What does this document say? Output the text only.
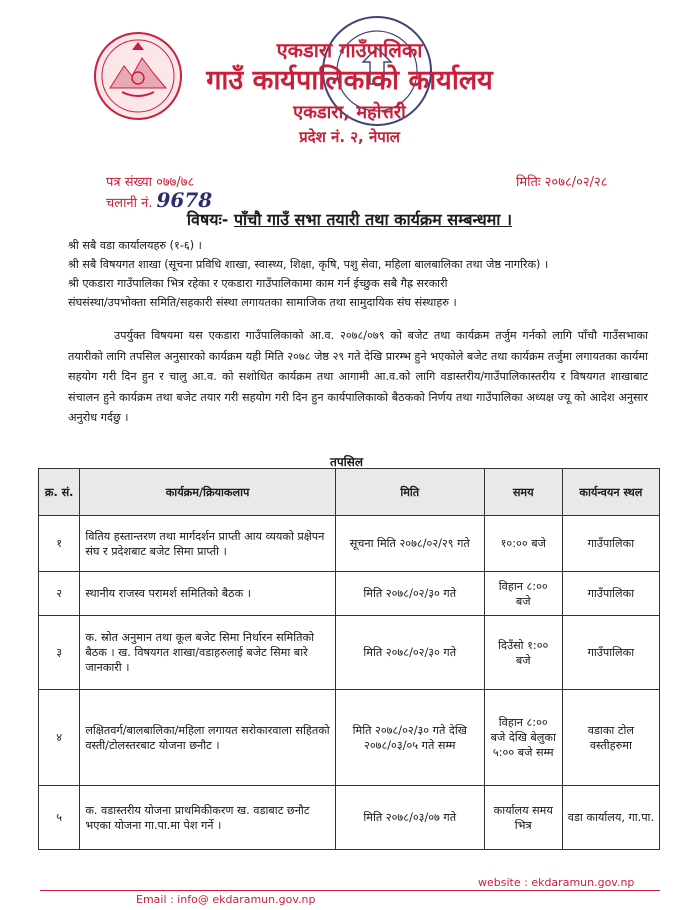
एकडारा गाउँपालिका
गाउँ कार्यपालिकाको कार्यालय
एकडारा, महोत्तरी
प्रदेश नं. २, नेपाल
पत्र संख्या ०७७/७८
चलानी नं. 9678
मितिः २०७८/०२/२८
विषयः- पाँचौ गाउँ सभा तयारी तथा कार्यक्रम सम्बन्धमा ।
श्री सबै वडा कार्यालयहरु (१-६) ।
श्री सबै विषयगत शाखा (सूचना प्रविधि शाखा, स्वास्थ्य, शिक्षा, कृषि, पशु सेवा, महिला बालबालिका तथा जेष्ठ नागरिक) ।
श्री एकडारा गाउँपालिका भित्र रहेका र एकडारा गाउँपालिकामा काम गर्न ईच्छुक सबै गैह्र सरकारी
संघसंस्था/उपभोक्ता समिति/सहकारी संस्था लगायतका सामाजिक तथा सामुदायिक संघ संस्थाहरु ।

उपर्युक्त विषयमा यस एकडारा गाउँपालिकाको आ.व. २०७८/०७९ को बजेट तथा कार्यक्रम तर्जुम गर्नको लागि पाँचौ गाउँसभाका तयारीको लागि तपसिल अनुसारको कार्यक्रम यही मिति २०७८ जेष्ठ २९ गते देखि प्रारम्भ हुने भएकोले बजेट तथा कार्यक्रम तर्जुमा लगायतका कार्यमा सहयोग गरी दिन हुन र चालु आ.व. को सशोधित कार्यक्रम तथा आगामी आ.व.को लागि वडास्तरीय/गाउँपालिकास्तरीय र विषयगत शाखाबाट संचालन हुने कार्यक्रम तथा बजेट तयार गरी सहयोग गरी दिन हुन कार्यपालिकाको बैठकको निर्णय तथा गाउँपालिका अध्यक्ष ज्यू को आदेश अनुसार अनुरोध गर्दछु ।

तपसिल
क्र. सं.	कार्यक्रम/क्रियाकलाप	मिति	समय	कार्यन्वयन स्थल
१	वितिय हस्तान्तरण तथा मार्गदर्शन प्राप्ती आय व्ययको प्रक्षेपन संघ र प्रदेशबाट बजेट सिमा प्राप्ती ।	सूचना मिति २०७८/०२/२९ गते	१०:०० बजे	गाउँपालिका
२	स्थानीय राजस्व परामर्श समितिको बैठक ।	मिति २०७८/०२/३० गते	विहान ८:०० बजे	गाउँपालिका
३	क. स्रोत अनुमान तथा कूल बजेट सिमा निर्धारन समितिको बैठक । ख. विषयगत शाखा/वडाहरुलाई बजेट सिमा बारे जानकारी ।	मिति २०७८/०२/३० गते	दिउँसो १:०० बजे	गाउँपालिका
४	लक्षितवर्ग/बालबालिका/महिला लगायत सरोकारवाला सहितको वस्ती/टोलस्तरबाट योजना छनौट ।	मिति २०७८/०२/३० गते देखि २०७८/०३/०५ गते सम्म	विहान ८:०० बजे देखि बेलुका ५:०० बजे सम्म	वडाका टोल वस्तीहरुमा
५	क. वडास्तरीय योजना प्राथमिकीकरण ख. वडाबाट छनौट भएका योजना गा.पा.मा पेश गर्ने ।	मिति २०७८/०३/०७ गते	कार्यालय समय भित्र	वडा कार्यालय, गा.पा.
website : ekdaramun.gov.np
Email : info@ ekdaramun.gov.np
